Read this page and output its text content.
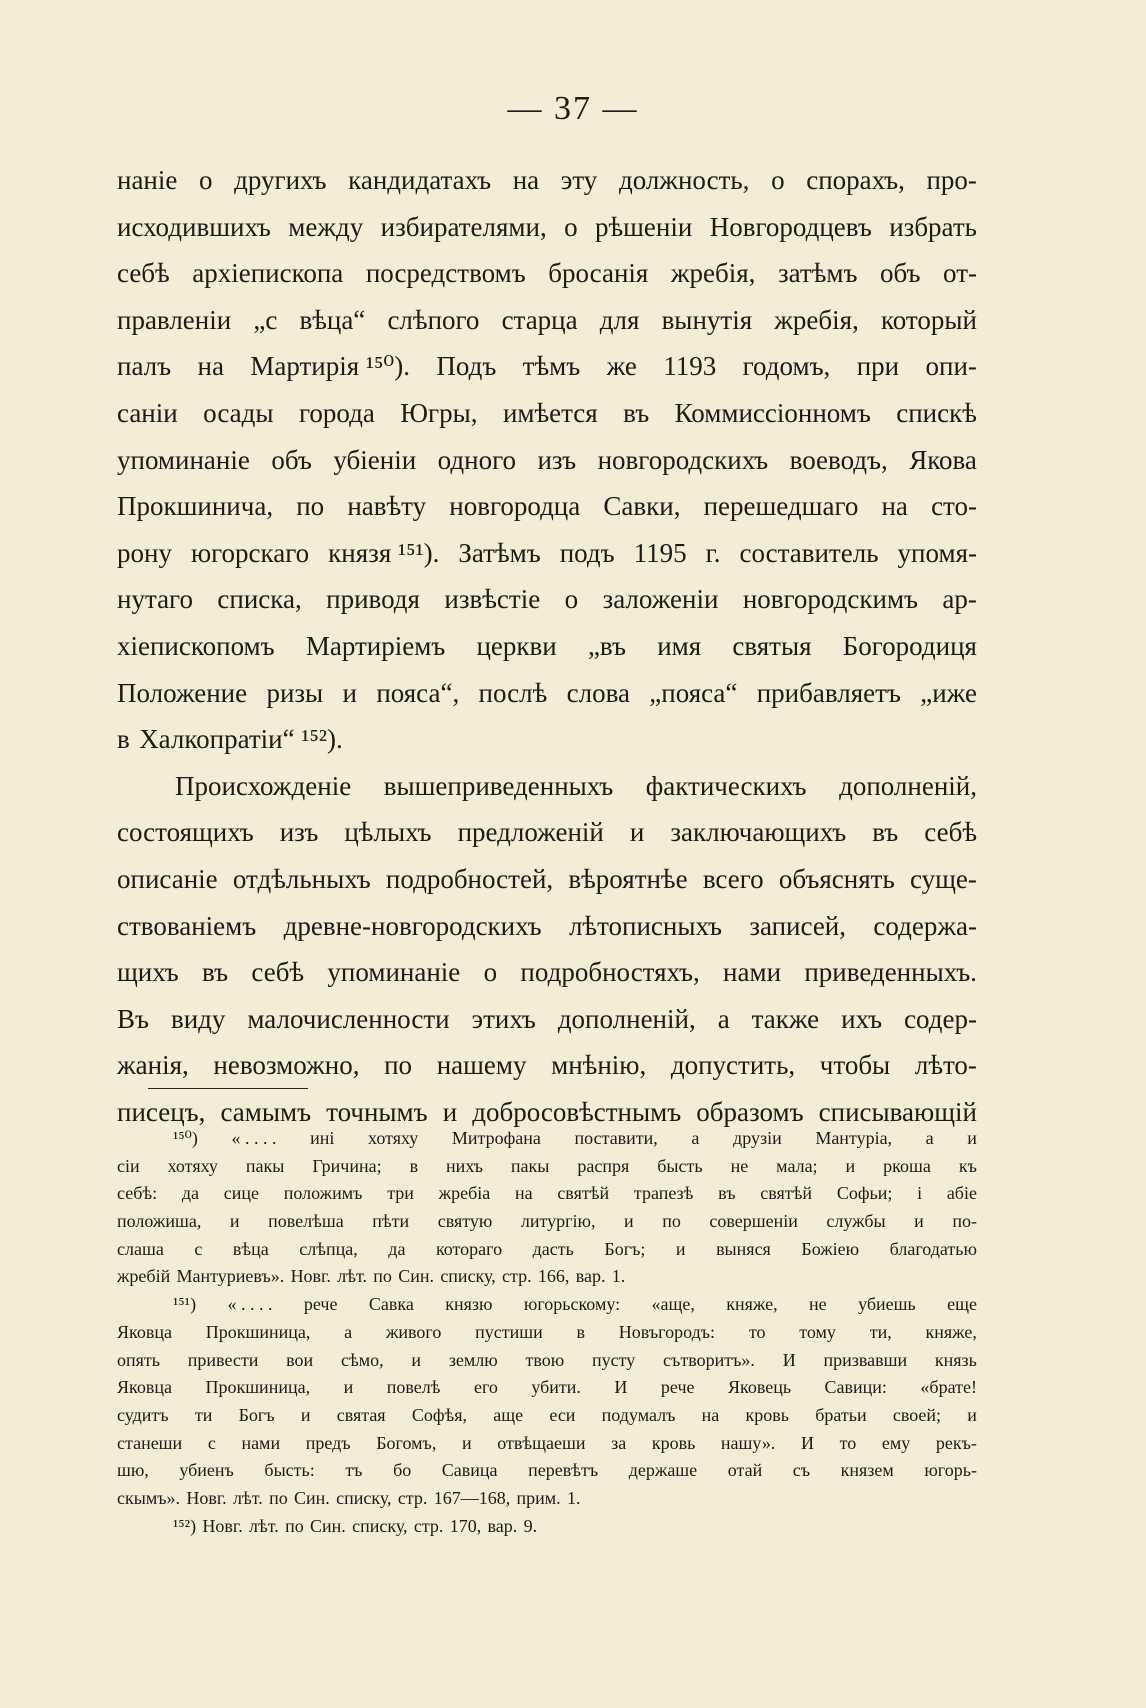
— 37 —
наніе о другихъ кандидатахъ на эту должность, о спорахъ, про-
исходившихъ между избирателями, о рѣшеніи Новгородцевъ избрать
себѣ архіепископа посредствомъ бросанія жребія, затѣмъ объ от-
правленіи „с вѣца“ слѣпого старца для вынутія жребія, который
палъ на Мартирія ¹⁵⁰). Подъ тѣмъ же 1193 годомъ, при опи-
саніи осады города Югры, имѣется въ Коммиссіонномъ спискѣ
упоминаніе объ убіеніи одного изъ новгородскихъ воеводъ, Якова
Прокшинича, по навѣту новгородца Савки, перешедшаго на сто-
рону югорскаго князя ¹⁵¹). Затѣмъ подъ 1195 г. составитель упомя-
нутаго списка, приводя извѣстіе о заложеніи новгородскимъ ар-
хіепископомъ Мартиріемъ церкви „въ имя святыя Богородиця
Положение ризы и пояса“, послѣ слова „пояса“ прибавляетъ „иже
в Халкопратіи“ ¹⁵²).
Происхожденіе вышеприведенныхъ фактическихъ дополненій,
состоящихъ изъ цѣлыхъ предложеній и заключающихъ въ себѣ
описаніе отдѣльныхъ подробностей, вѣроятнѣе всего объяснять суще-
ствованіемъ древне-новгородскихъ лѣтописныхъ записей, содержа-
щихъ въ себѣ упоминаніе о подробностяхъ, нами приведенныхъ.
Въ виду малочисленности этихъ дополненій, а также ихъ содер-
жанія, невозможно, по нашему мнѣнію, допустить, чтобы лѣто-
писецъ, самымъ точнымъ и добросовѣстнымъ образомъ списывающій
¹⁵⁰) « . . . . ині хотяху Митрофана поставити, а друзіи Мантуріа, а и
сіи хотяху пакы Гричина; в нихъ пакы распря бысть не мала; и ркоша къ
себѣ: да сице положимъ три жребіа на святѣй трапезѣ въ святѣй Софьи; і абіе
положиша, и повелѣша пѣти святую литургію, и по совершеніи службы и по-
слаша с вѣца слѣпца, да котораго дасть Богъ; и выняся Божіею благодатью
жребій Мантуриевъ». Новг. лѣт. по Син. списку, стр. 166, вар. 1.
¹⁵¹) « . . . . рече Савка князю югорьскому: «аще, княже, не убиешь еще
Яковца Прокшиница, а живого пустиши в Новъгородъ: то тому ти, княже,
опять привести вои сѣмо, и землю твою пусту сътворитъ». И призвавши князь
Яковца Прокшиница, и повелѣ его убити. И рече Яковець Савици: «брате!
судитъ ти Богъ и святая Софѣя, аще еси подумалъ на кровь братьи своей; и
станеши с нами предъ Богомъ, и отвѣщаеши за кровь нашу». И то ему рекъ-
шю, убиенъ бысть: тъ бо Савица перевѣтъ держаше отай съ князем югорь-
скымъ». Новг. лѣт. по Син. списку, стр. 167—168, прим. 1.
¹⁵²) Новг. лѣт. по Син. списку, стр. 170, вар. 9.
